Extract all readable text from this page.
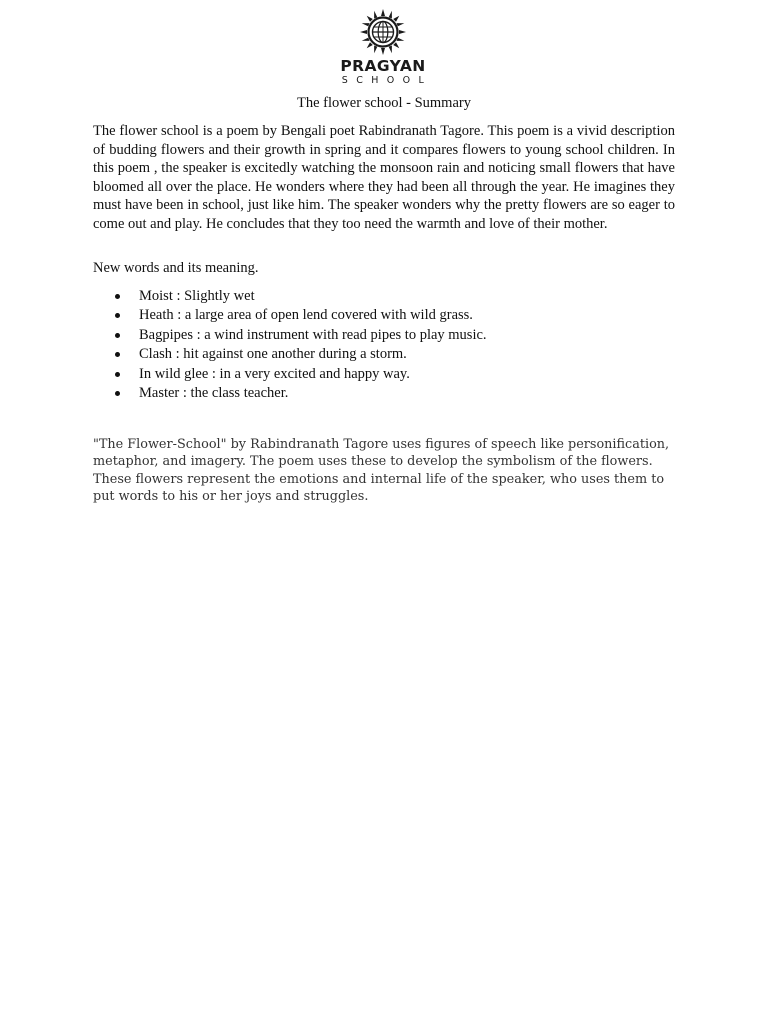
PRAGYAN
SCHOOL
The flower school - Summary

The flower school is a poem by Bengali poet Rabindranath Tagore. This poem is a vivid description of budding flowers and their growth in spring and it compares flowers to young school children. In this poem , the speaker is excitedly watching the monsoon rain and noticing small flowers that have bloomed all over the place. He wonders where they had been all through the year. He imagines they must have been in school, just like him. The speaker wonders why the pretty flowers are so eager to come out and play. He concludes that they too need the warmth and love of their mother.

New words and its meaning.

Moist : Slightly wet
Heath : a large area of open lend covered with wild grass.
Bagpipes : a wind instrument with read pipes to play music.
Clash : hit against one another during a storm.
In wild glee : in a very excited and happy way.
Master : the class teacher.

"The Flower-School" by Rabindranath Tagore uses figures of speech like personification, metaphor, and imagery. The poem uses these to develop the symbolism of the flowers. These flowers represent the emotions and internal life of the speaker, who uses them to put words to his or her joys and struggles.
